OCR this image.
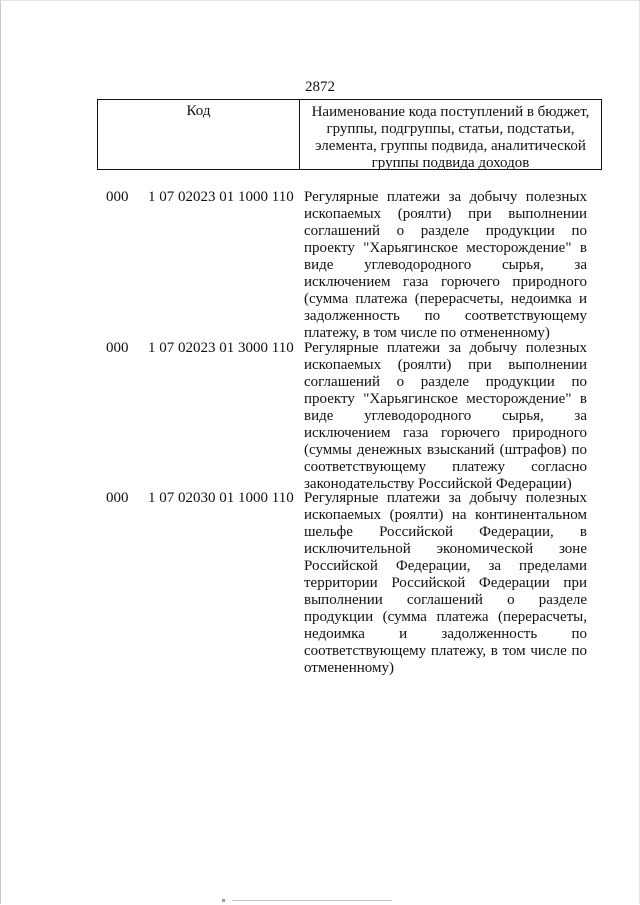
2872
Код	Наименование кода поступлений в бюджет, группы, подгруппы, статьи, подстатьи, элемента, группы подвида, аналитической группы подвида доходов
000 1 07 02023 01 1000 110 Регулярные платежи за добычу полезных ископаемых (роялти) при выполнении соглашений о разделе продукции по проекту "Харьягинское месторождение" в виде углеводородного сырья, за исключением газа горючего природного (сумма платежа (перерасчеты, недоимка и задолженность по соответствующему платежу, в том числе по отмененному)
000 1 07 02023 01 3000 110 Регулярные платежи за добычу полезных ископаемых (роялти) при выполнении соглашений о разделе продукции по проекту "Харьягинское месторождение" в виде углеводородного сырья, за исключением газа горючего природного (суммы денежных взысканий (штрафов) по соответствующему платежу согласно законодательству Российской Федерации)
000 1 07 02030 01 1000 110 Регулярные платежи за добычу полезных ископаемых (роялти) на континентальном шельфе Российской Федерации, в исключительной экономической зоне Российской Федерации, за пределами территории Российской Федерации при выполнении соглашений о разделе продукции (сумма платежа (перерасчеты, недоимка и задолженность по соответствующему платежу, в том числе по отмененному)
